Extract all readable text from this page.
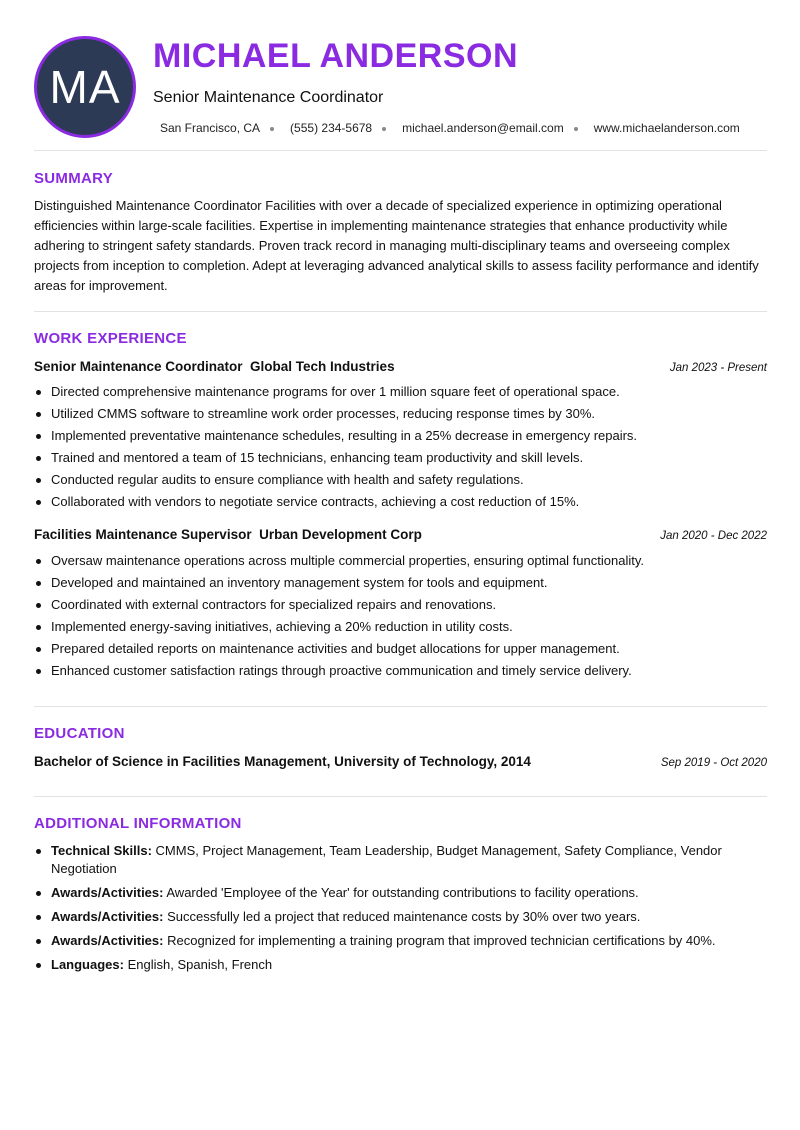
MA
MICHAEL ANDERSON
Senior Maintenance Coordinator
San Francisco, CA	(555) 234-5678	michael.anderson@email.com	www.michaelanderson.com
SUMMARY

Distinguished Maintenance Coordinator Facilities with over a decade of specialized experience in optimizing operational efficiencies within large-scale facilities. Expertise in implementing maintenance strategies that enhance productivity while adhering to stringent safety standards. Proven track record in managing multi-disciplinary teams and overseeing complex projects from inception to completion. Adept at leveraging advanced analytical skills to assess facility performance and identify areas for improvement.

WORK EXPERIENCE
Senior Maintenance Coordinator Global Tech Industries	Jan 2023 - Present
Directed comprehensive maintenance programs for over 1 million square feet of operational space.
Utilized CMMS software to streamline work order processes, reducing response times by 30%.
Implemented preventative maintenance schedules, resulting in a 25% decrease in emergency repairs.
Trained and mentored a team of 15 technicians, enhancing team productivity and skill levels.
Conducted regular audits to ensure compliance with health and safety regulations.
Collaborated with vendors to negotiate service contracts, achieving a cost reduction of 15%.
Facilities Maintenance Supervisor Urban Development Corp	Jan 2020 - Dec 2022
Oversaw maintenance operations across multiple commercial properties, ensuring optimal functionality.
Developed and maintained an inventory management system for tools and equipment.
Coordinated with external contractors for specialized repairs and renovations.
Implemented energy-saving initiatives, achieving a 20% reduction in utility costs.
Prepared detailed reports on maintenance activities and budget allocations for upper management.
Enhanced customer satisfaction ratings through proactive communication and timely service delivery.
EDUCATION
Bachelor of Science in Facilities Management, University of Technology, 2014	Sep 2019 - Oct 2020
ADDITIONAL INFORMATION
Technical Skills: CMMS, Project Management, Team Leadership, Budget Management, Safety Compliance, Vendor Negotiation
Awards/Activities: Awarded 'Employee of the Year' for outstanding contributions to facility operations.
Awards/Activities: Successfully led a project that reduced maintenance costs by 30% over two years.
Awards/Activities: Recognized for implementing a training program that improved technician certifications by 40%.
Languages: English, Spanish, French
